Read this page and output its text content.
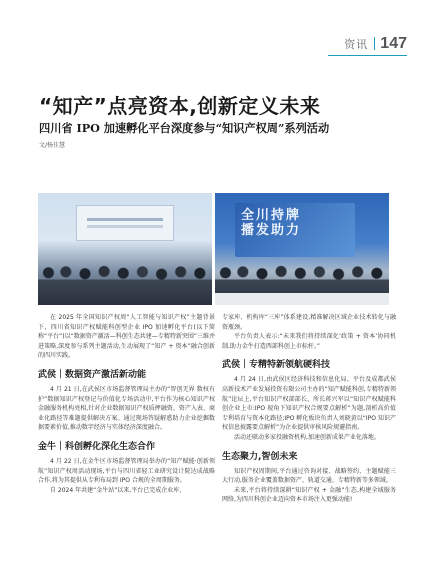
资讯 147
“知产”点亮资本,创新定义未来
四川省 IPO 加速孵化平台深度参与“知识产权周”系列活动
文/杨佳慧
全川持牌
播发助力

在 2025 年全国知识产权周“人工智能与知识产权”主题背景下，四川省知识产权赋能科创型企业 IPO 加速孵化平台(以下简称“平台”)以“数据资产激活—科创生态共建—专精特新突围”三维并进策略,深度参与系列主题活动,生动展现了“知产 + 资本”融合创新的四川实践。

武侯｜数据资产激活新动能

4 月 21 日,在武侯区市场监督管理局主办的“智创无界 数权有护”数据知识产权登记与价值化专场活动中,平台作为核心知识产权金融服务机构亮相,针对企业数据知识产权质押融资、资产入表、商业化路径等难题提供解决方案。通过现场答疑解惑助力企业挖掘数据要素价值,推动数字经济与实体经济深度融合。

金牛｜科创孵化深化生态合作

4 月 22 日,在金牛区市场监督管理局举办的“知产赋能·创新领航”知识产权周活动现场,平台与四川省轻工业研究设计院达成战略合作,将为其提供从专利布局到 IPO 合规的全周期服务。

自 2024 年共建“金牛站”以来,平台已完成企业库、

专家库、机构库“三库”体系建设,精准解决区域企业技术转化与融资瓶颈。

平台负责人表示:“未来我们将持续深化‘政策 + 资本’协同机制,助力金牛打造西部科创上市标杆。”

武侯｜专精特新领航硬科技

4 月 24 日,由武侯区经济科技和信息化局、平台及成都武侯高新技术产业发展投资有限公司主办的“知产赋能科创,专精特新领航”论坛上,平台知识产权部部长、所长蒋兴军以“知识产权赋能科创企业上市:IPO 视角下知识产权合规要点解析”为题,剖析高价值专利培育与资本化路径;IPO 孵化板块负责人刘晓黄以“IPO 知识产权信息披露要点解析”为企业提供审核风险规避指南。

活动还联动多家投融资机构,加速创新成果产业化落地。

生态聚力,智创未来

知识产权周期间,平台通过咨询对接、战略签约、主题赋能三大行动,服务企业覆盖数据资产、轨道交通、专精特新等多领域。

未来,平台将持续深耕“知识产权 + 金融”生态,构建全域服务网络,为四川科创企业迈向资本市场注入更强动能!
